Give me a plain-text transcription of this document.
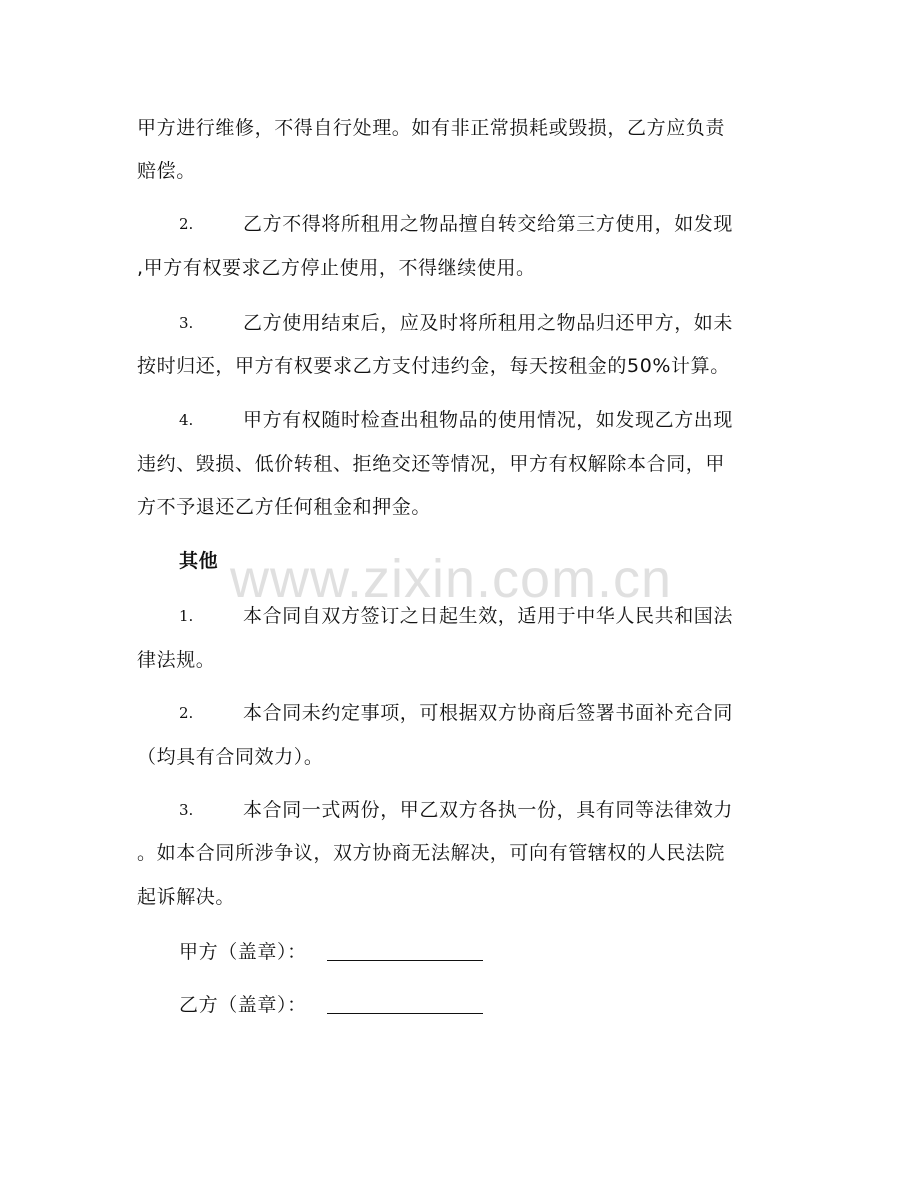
www.zixin.com.cn
甲方进行维修，不得自行处理。如有非正常损耗或毁损，乙方应负责
赔偿。
2.	乙方不得将所租用之物品擅自转交给第三方使用，如发现
,甲方有权要求乙方停止使用，不得继续使用。
3.	乙方使用结束后，应及时将所租用之物品归还甲方，如未
按时归还，甲方有权要求乙方支付违约金，每天按租金的50%计算。
4.	甲方有权随时检查出租物品的使用情况，如发现乙方出现
违约、毁损、低价转租、拒绝交还等情况，甲方有权解除本合同，甲
方不予退还乙方任何租金和押金。
其他
1.	本合同自双方签订之日起生效，适用于中华人民共和国法
律法规。
2.	本合同未约定事项，可根据双方协商后签署书面补充合同
（均具有合同效力）。
3.	本合同一式两份，甲乙双方各执一份，具有同等法律效力
。如本合同所涉争议，双方协商无法解决，可向有管辖权的人民法院
起诉解决。
甲方（盖章）：
乙方（盖章）：
